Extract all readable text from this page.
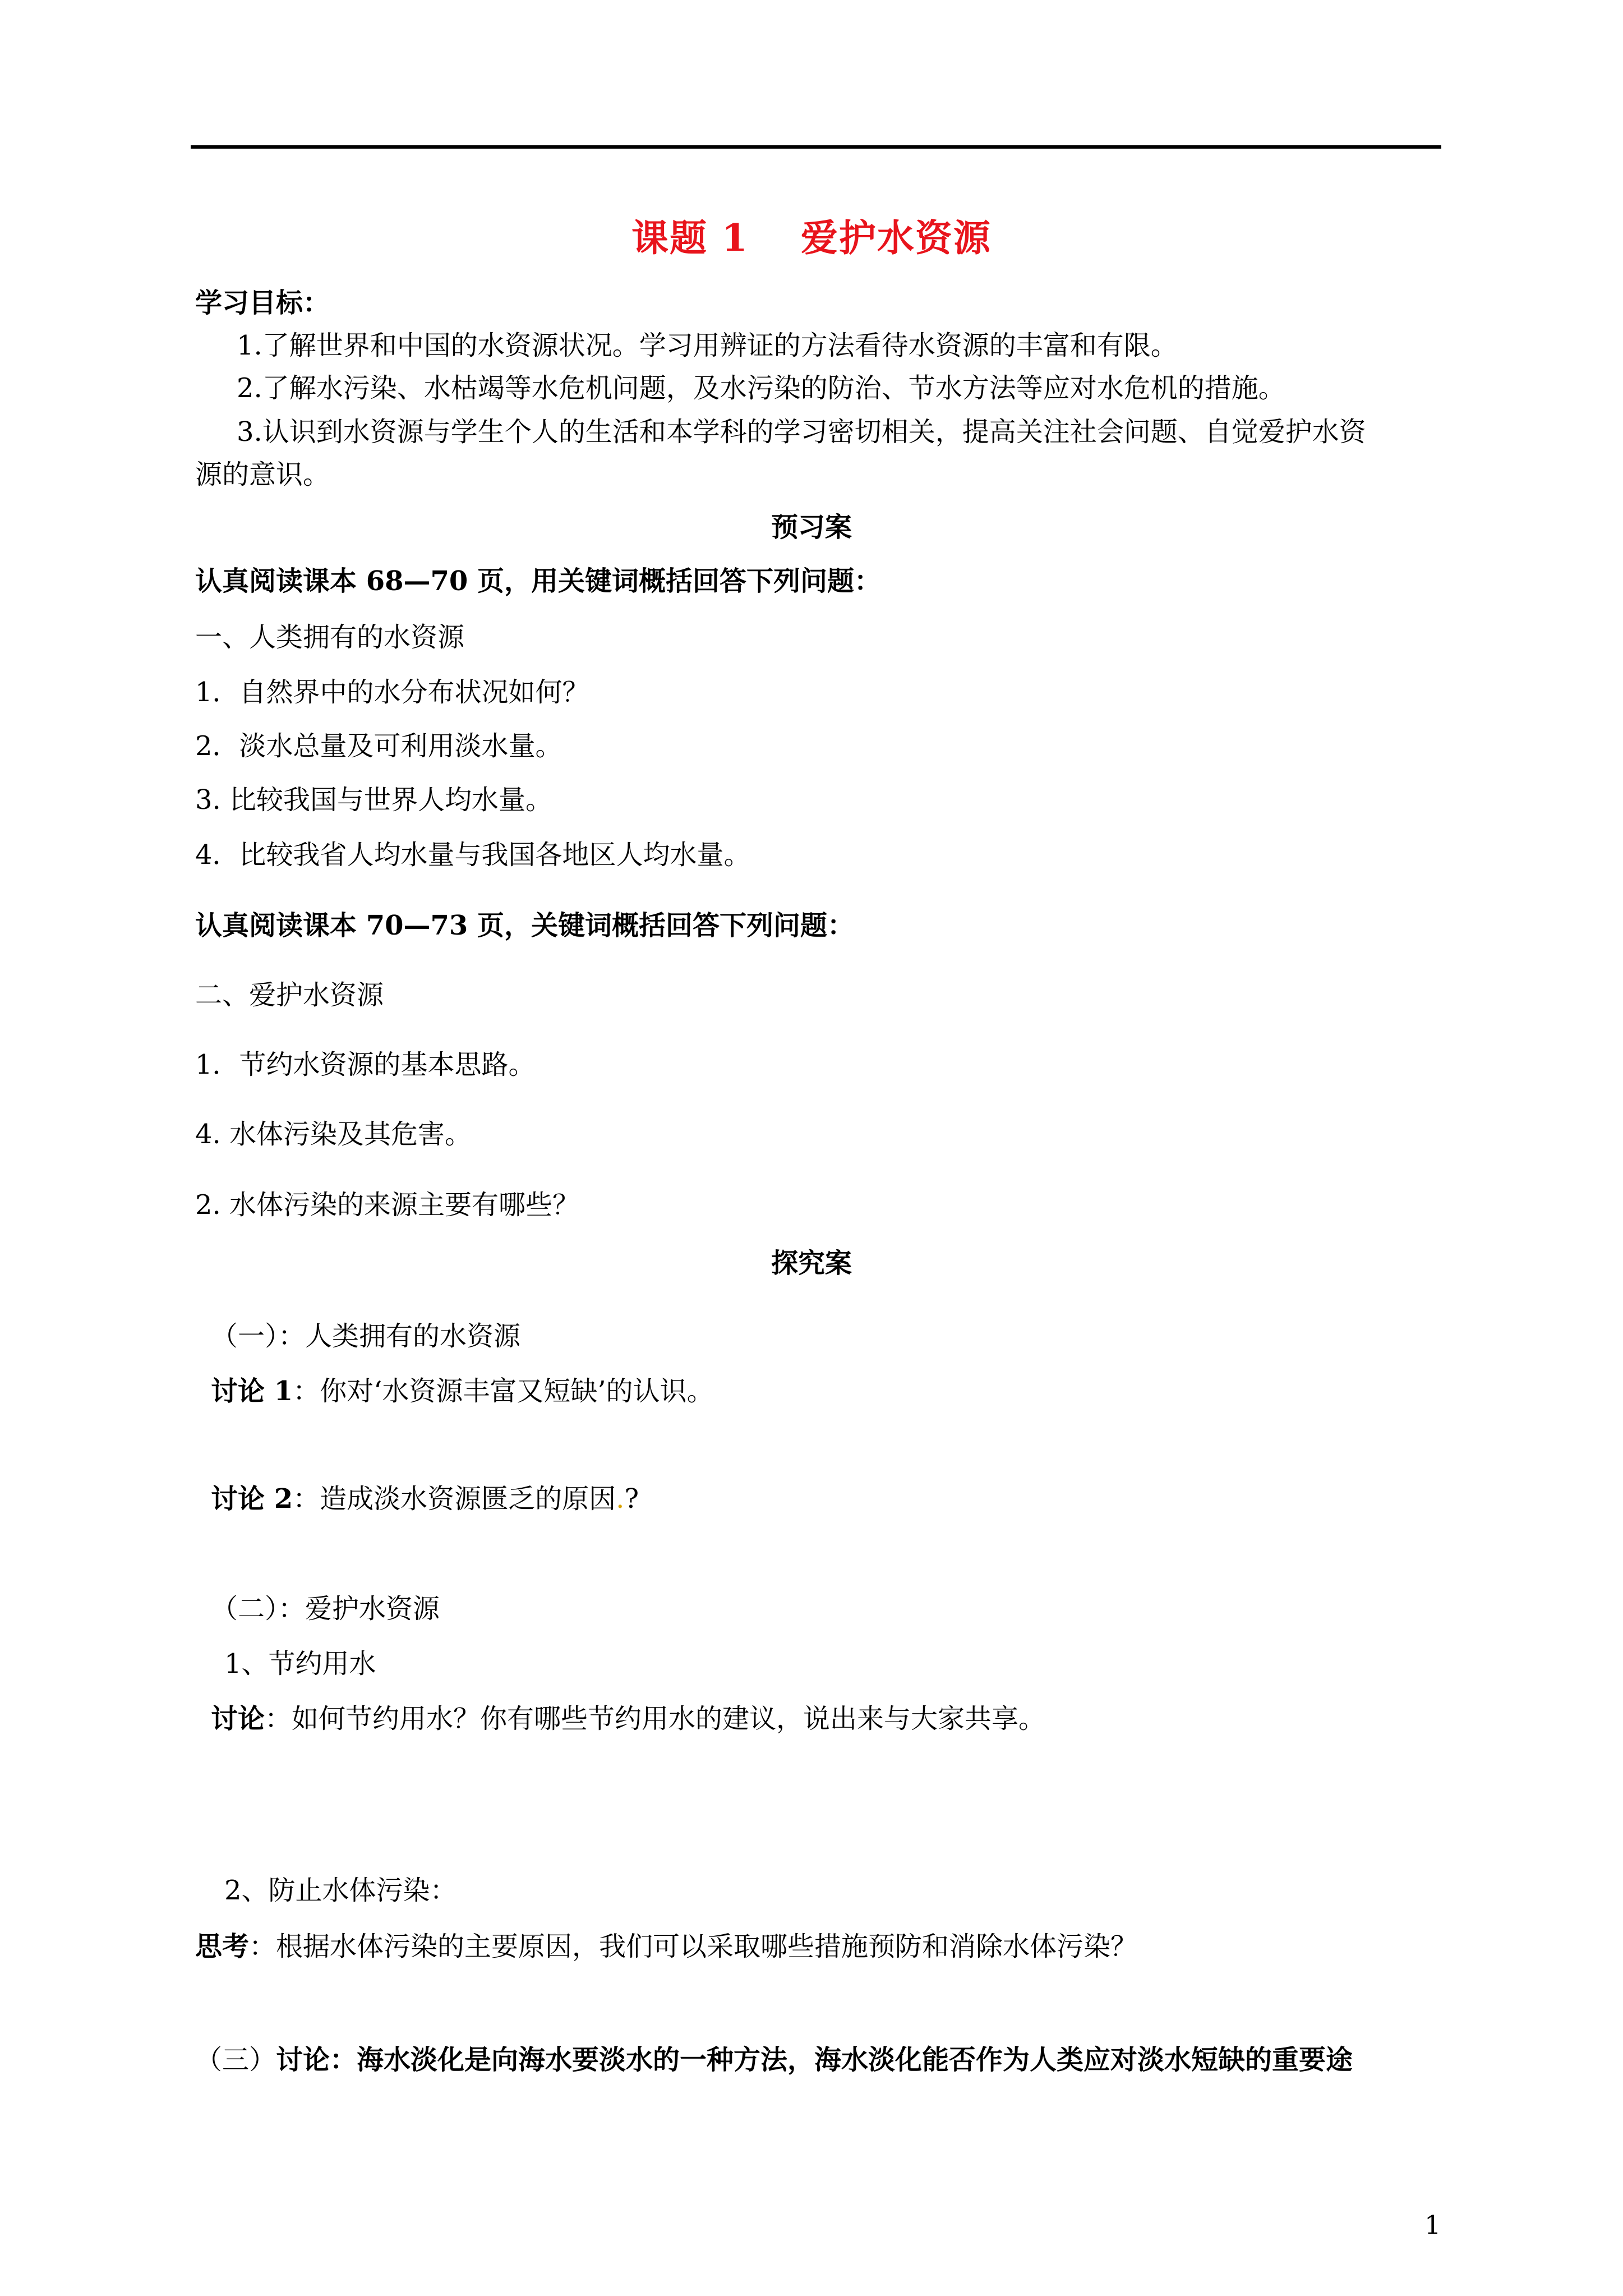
课题 1　 爱护水资源
学习目标：
1.了解世界和中国的水资源状况。学习用辨证的方法看待水资源的丰富和有限。
2.了解水污染、水枯竭等水危机问题，及水污染的防治、节水方法等应对水危机的措施。
3.认识到水资源与学生个人的生活和本学科的学习密切相关，提高关注社会问题、自觉爱护水资
源的意识。
预习案
认真阅读课本 68—70 页，用关键词概括回答下列问题：
一、人类拥有的水资源
1．自然界中的水分布状况如何？
2．淡水总量及可利用淡水量。
3. 比较我国与世界人均水量。
4．比较我省人均水量与我国各地区人均水量。
认真阅读课本 70—73 页，关键词概括回答下列问题：
二、爱护水资源
1．节约水资源的基本思路。
4. 水体污染及其危害。
2. 水体污染的来源主要有哪些？
探究案
（一）：人类拥有的水资源
讨论 1：你对‘水资源丰富又短缺’的认识。
讨论 2：造成淡水资源匮乏的原因.?
（二）：爱护水资源
1、节约用水
讨论：如何节约用水？你有哪些节约用水的建议，说出来与大家共享。
2、防止水体污染：
思考：根据水体污染的主要原因，我们可以采取哪些措施预防和消除水体污染？
（三）讨论：海水淡化是向海水要淡水的一种方法，海水淡化能否作为人类应对淡水短缺的重要途
1
